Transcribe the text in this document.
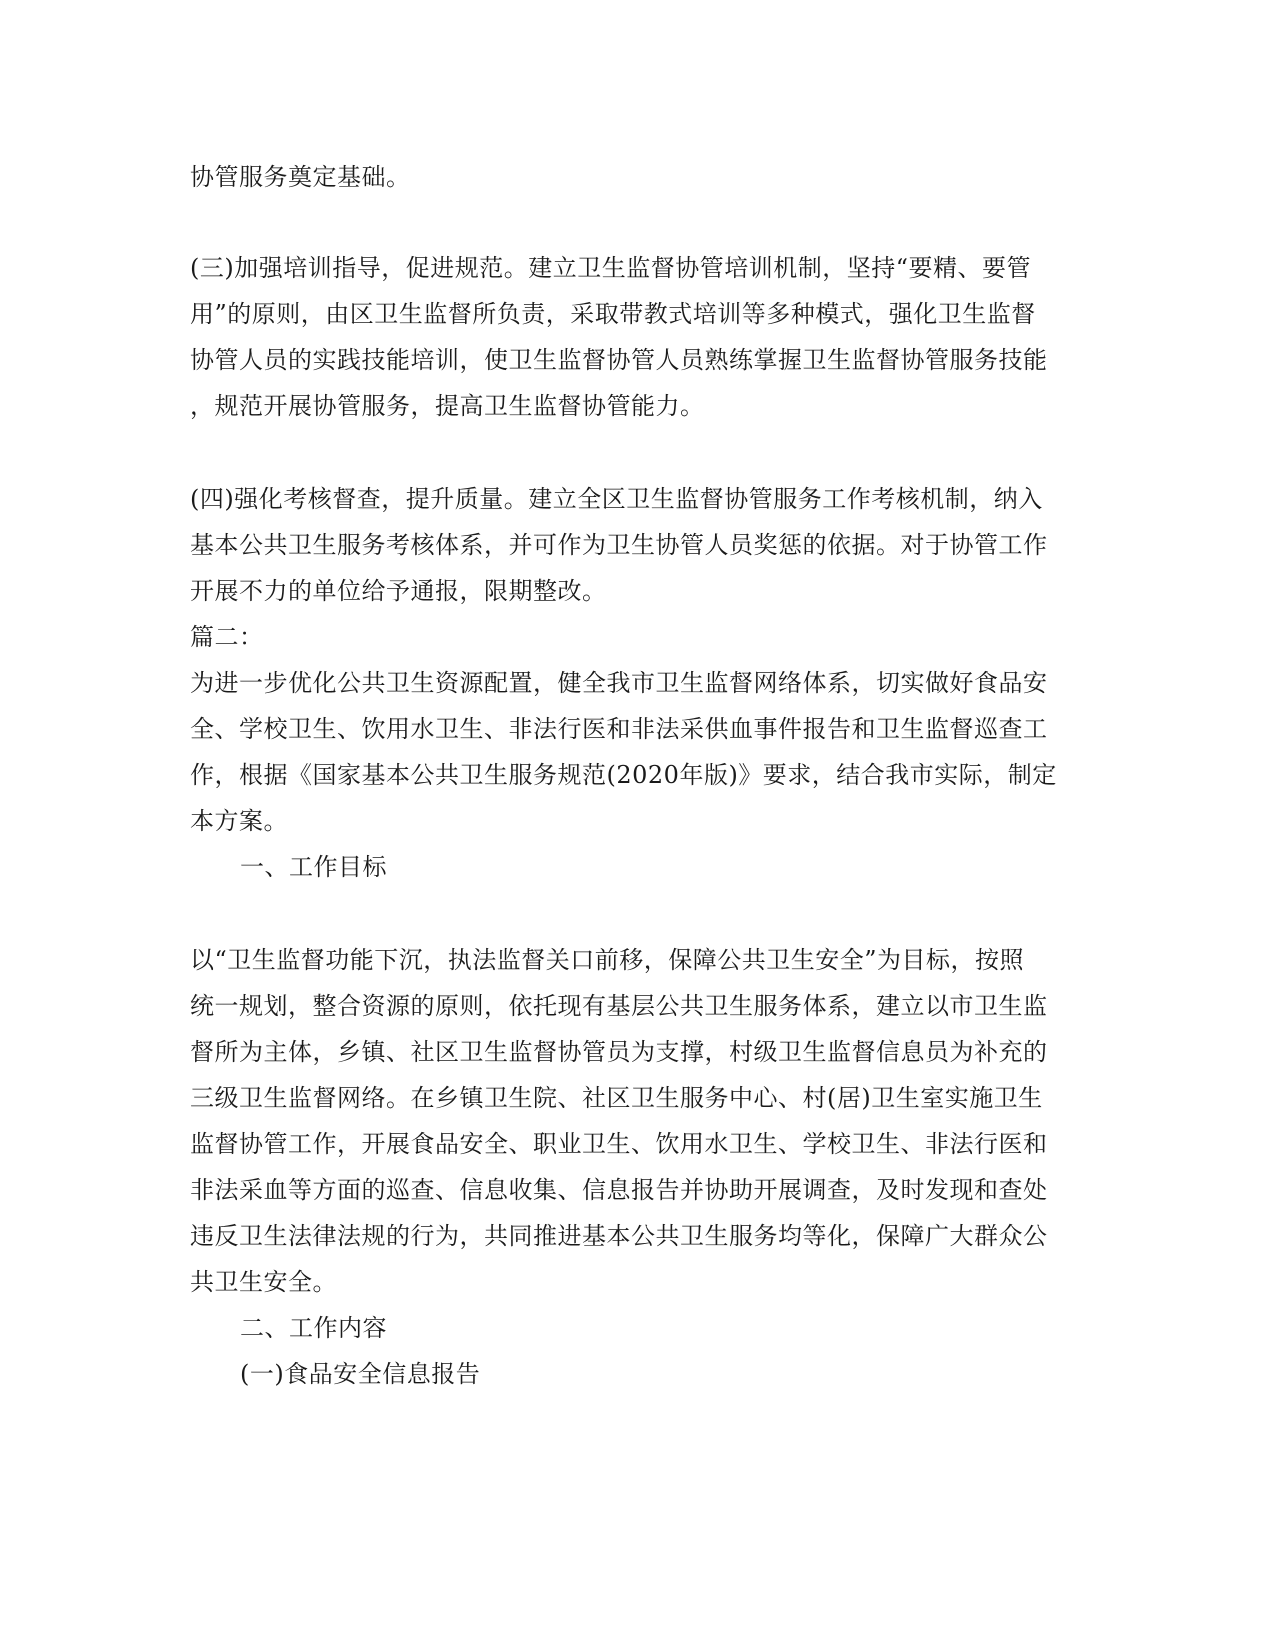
协管服务奠定基础。
(三)加强培训指导，促进规范。建立卫生监督协管培训机制，坚持“要精、要管
用”的原则，由区卫生监督所负责，采取带教式培训等多种模式，强化卫生监督
协管人员的实践技能培训，使卫生监督协管人员熟练掌握卫生监督协管服务技能
，规范开展协管服务，提高卫生监督协管能力。
(四)强化考核督查，提升质量。建立全区卫生监督协管服务工作考核机制，纳入
基本公共卫生服务考核体系，并可作为卫生协管人员奖惩的依据。对于协管工作
开展不力的单位给予通报，限期整改。
篇二：
为进一步优化公共卫生资源配置，健全我市卫生监督网络体系，切实做好食品安
全、学校卫生、饮用水卫生、非法行医和非法采供血事件报告和卫生监督巡查工
作，根据《国家基本公共卫生服务规范(2020年版)》要求，结合我市实际，制定
本方案。
一、工作目标
以“卫生监督功能下沉，执法监督关口前移，保障公共卫生安全”为目标，按照
统一规划，整合资源的原则，依托现有基层公共卫生服务体系，建立以市卫生监
督所为主体，乡镇、社区卫生监督协管员为支撑，村级卫生监督信息员为补充的
三级卫生监督网络。在乡镇卫生院、社区卫生服务中心、村(居)卫生室实施卫生
监督协管工作，开展食品安全、职业卫生、饮用水卫生、学校卫生、非法行医和
非法采血等方面的巡查、信息收集、信息报告并协助开展调查，及时发现和查处
违反卫生法律法规的行为，共同推进基本公共卫生服务均等化，保障广大群众公
共卫生安全。
二、工作内容
(一)食品安全信息报告
